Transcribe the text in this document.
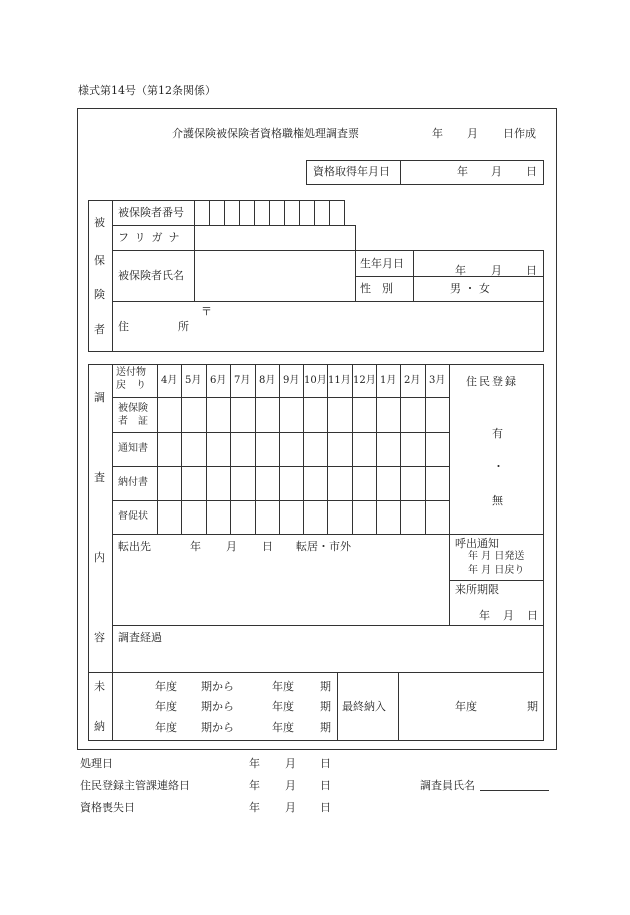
様式第14号（第12条関係）
介護保険被保険者資格職権処理調査票	年 月 日作成
資格取得年月日	年 月 日
被
保
険
者
被保険者番号
フリガナ
被保険者氏名
生年月日
年 月 日
性　別	男 ・ 女
住	所
〒
調
査
内
容
送付物
戻　り 4月 5月 6月 7月 8月 9月 10月 11月 12月 1月 2月 3月
被保険
者　証
通知書
納付書
督促状
住民登録
有
・
無
転出先	年 月 日 転居・市外	呼出通知
年 月 日発送
年 月 日戻り
来所期限
年 月 日
調査経過
未
納
年度 期から	年度 期
年度 期から	年度 期
年度 期から	年度 期
最終納入	年度	期
処理日	年 月 日
住民登録主管課連絡日	年 月 日
資格喪失日	年 月 日
調査員氏名
